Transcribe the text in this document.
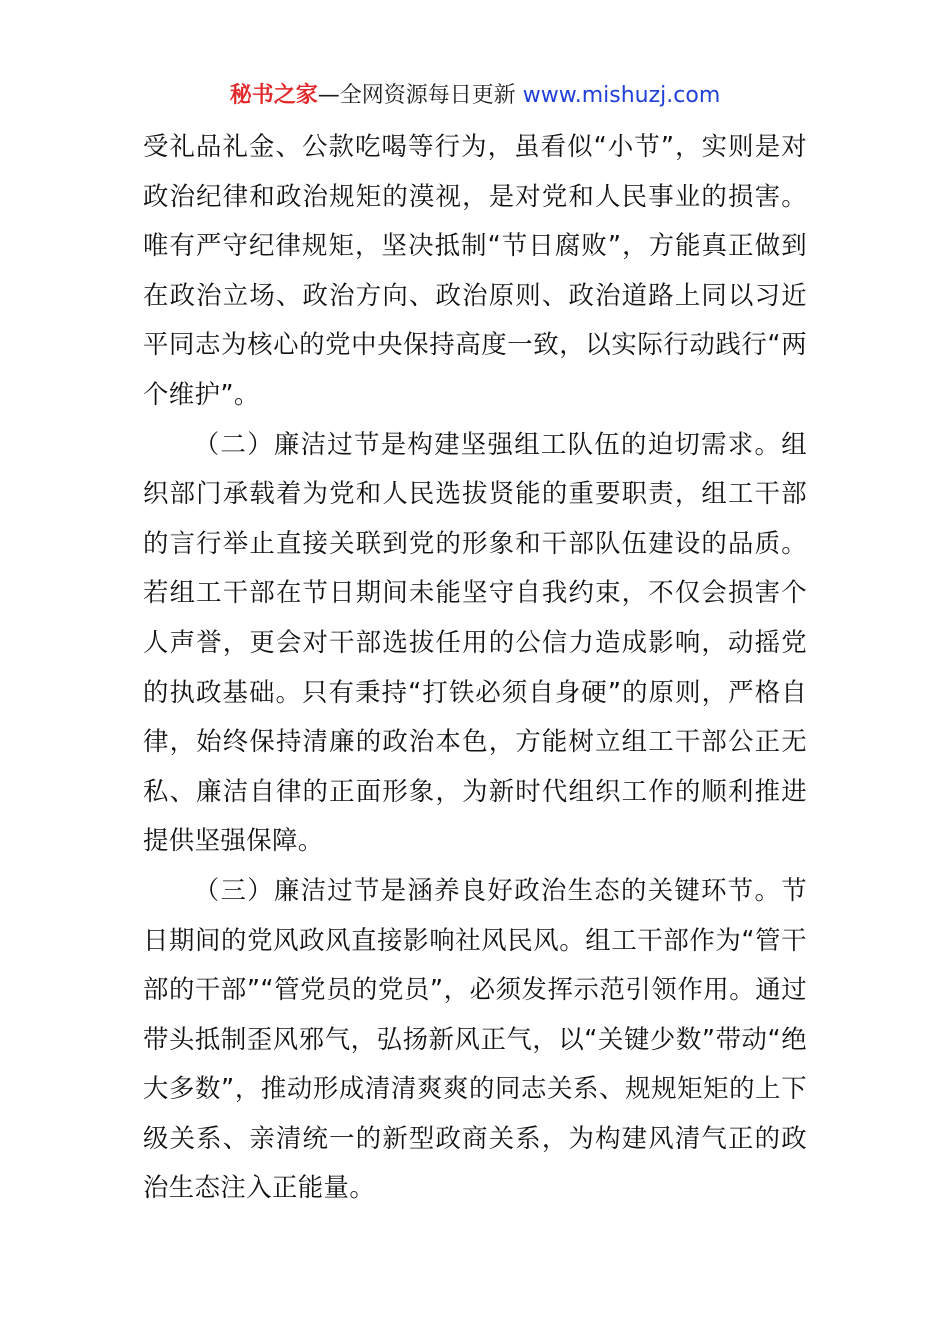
秘书之家—全网资源每日更新 www.mishuzj.com

受礼品礼金、公款吃喝等行为，虽看似“小节”，实则是对政治纪律和政治规矩的漠视，是对党和人民事业的损害。唯有严守纪律规矩，坚决抵制“节日腐败”，方能真正做到在政治立场、政治方向、政治原则、政治道路上同以习近平同志为核心的党中央保持高度一致，以实际行动践行“两个维护”。

（二）廉洁过节是构建坚强组工队伍的迫切需求。组织部门承载着为党和人民选拔贤能的重要职责，组工干部的言行举止直接关联到党的形象和干部队伍建设的品质。若组工干部在节日期间未能坚守自我约束，不仅会损害个人声誉，更会对干部选拔任用的公信力造成影响，动摇党的执政基础。只有秉持“打铁必须自身硬”的原则，严格自律，始终保持清廉的政治本色，方能树立组工干部公正无私、廉洁自律的正面形象，为新时代组织工作的顺利推进提供坚强保障。

（三）廉洁过节是涵养良好政治生态的关键环节。节日期间的党风政风直接影响社风民风。组工干部作为“管干部的干部”“管党员的党员”，必须发挥示范引领作用。通过带头抵制歪风邪气，弘扬新风正气，以“关键少数”带动“绝大多数”，推动形成清清爽爽的同志关系、规规矩矩的上下级关系、亲清统一的新型政商关系，为构建风清气正的政治生态注入正能量。
